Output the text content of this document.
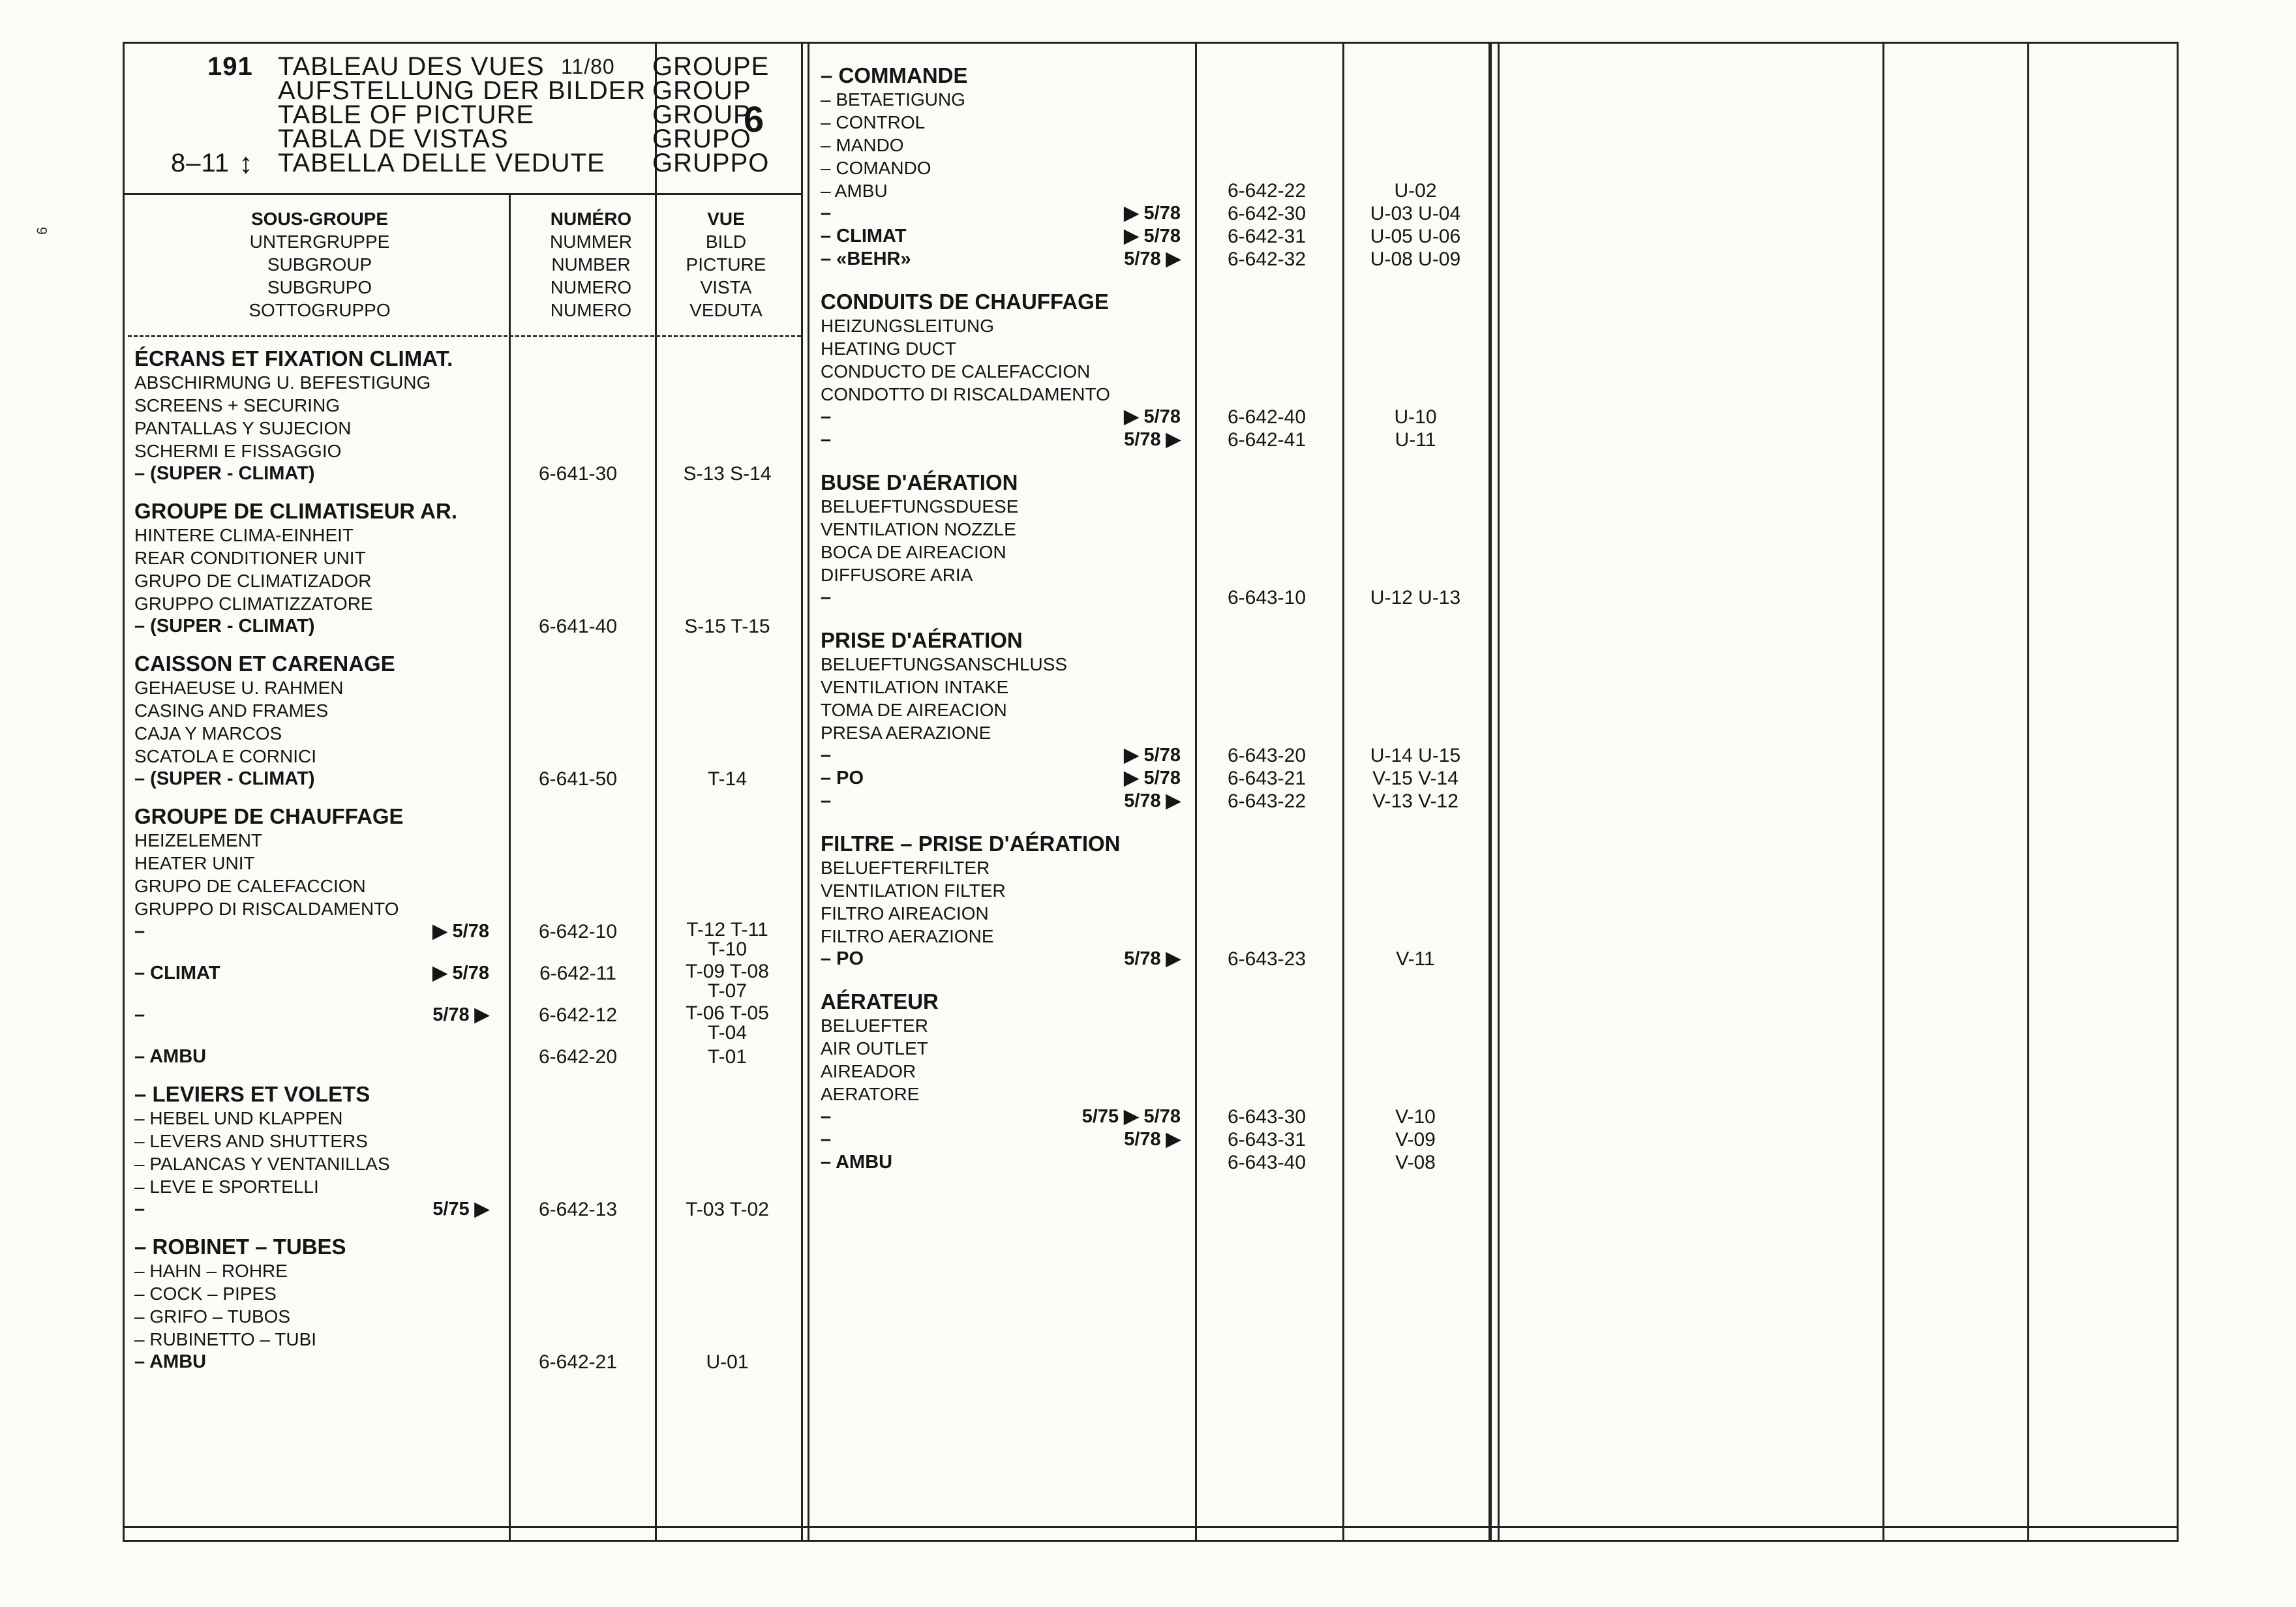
6
191
8–11 ↕
11/80
TABLEAU DES VUES
AUFSTELLUNG DER BILDER
TABLE OF PICTURE
TABLA DE VISTAS
TABELLA DELLE VEDUTE
GROUPE
GROUP
GROUP
GRUPO
GRUPPO
6
SOUS-GROUPE
UNTERGRUPPE
SUBGROUP
SUBGRUPO
SOTTOGRUPPO
NUMÉRO
NUMMER
NUMBER
NUMERO
NUMERO
VUE
BILD
PICTURE
VISTA
VEDUTA
ÉCRANS ET FIXATION CLIMAT.
ABSCHIRMUNG U. BEFESTIGUNG
SCREENS + SECURING
PANTALLAS Y SUJECION
SCHERMI E FISSAGGIO
– (SUPER - CLIMAT)	6-641-30	S-13 S-14
GROUPE DE CLIMATISEUR AR.
HINTERE CLIMA-EINHEIT
REAR CONDITIONER UNIT
GRUPO DE CLIMATIZADOR
GRUPPO CLIMATIZZATORE
– (SUPER - CLIMAT)	6-641-40	S-15 T-15
CAISSON ET CARENAGE
GEHAEUSE U. RAHMEN
CASING AND FRAMES
CAJA Y MARCOS
SCATOLA E CORNICI
– (SUPER - CLIMAT)	6-641-50	T-14
GROUPE DE CHAUFFAGE
HEIZELEMENT
HEATER UNIT
GRUPO DE CALEFACCION
GRUPPO DI RISCALDAMENTO
–	▶ 5/78	6-642-10	T-12 T-11
T-10
– CLIMAT	▶ 5/78	6-642-11	T-09 T-08
T-07
–	5/78 ▶	6-642-12	T-06 T-05
T-04
– AMBU	6-642-20	T-01
– LEVIERS ET VOLETS
– HEBEL UND KLAPPEN
– LEVERS AND SHUTTERS
– PALANCAS Y VENTANILLAS
– LEVE E SPORTELLI
–	5/75 ▶	6-642-13	T-03 T-02
– ROBINET – TUBES
– HAHN – ROHRE
– COCK – PIPES
– GRIFO – TUBOS
– RUBINETTO – TUBI
– AMBU	6-642-21	U-01
– COMMANDE
– BETAETIGUNG
– CONTROL
– MANDO
– COMANDO
– AMBU	6-642-22	U-02
–	▶ 5/78	6-642-30	U-03 U-04
– CLIMAT	▶ 5/78	6-642-31	U-05 U-06
– «BEHR»	5/78 ▶	6-642-32	U-08 U-09
CONDUITS DE CHAUFFAGE
HEIZUNGSLEITUNG
HEATING DUCT
CONDUCTO DE CALEFACCION
CONDOTTO DI RISCALDAMENTO
–	▶ 5/78	6-642-40	U-10
–	5/78 ▶	6-642-41	U-11
BUSE D'AÉRATION
BELUEFTUNGSDUESE
VENTILATION NOZZLE
BOCA DE AIREACION
DIFFUSORE ARIA
–	6-643-10	U-12 U-13
PRISE D'AÉRATION
BELUEFTUNGSANSCHLUSS
VENTILATION INTAKE
TOMA DE AIREACION
PRESA AERAZIONE
–	▶ 5/78	6-643-20	U-14 U-15
– PO	▶ 5/78	6-643-21	V-15 V-14
–	5/78 ▶	6-643-22	V-13 V-12
FILTRE – PRISE D'AÉRATION
BELUEFTERFILTER
VENTILATION FILTER
FILTRO AIREACION
FILTRO AERAZIONE
– PO	5/78 ▶	6-643-23	V-11
AÉRATEUR
BELUEFTER
AIR OUTLET
AIREADOR
AERATORE
–	5/75 ▶ 5/78	6-643-30	V-10
–	5/78 ▶	6-643-31	V-09
– AMBU	6-643-40	V-08
